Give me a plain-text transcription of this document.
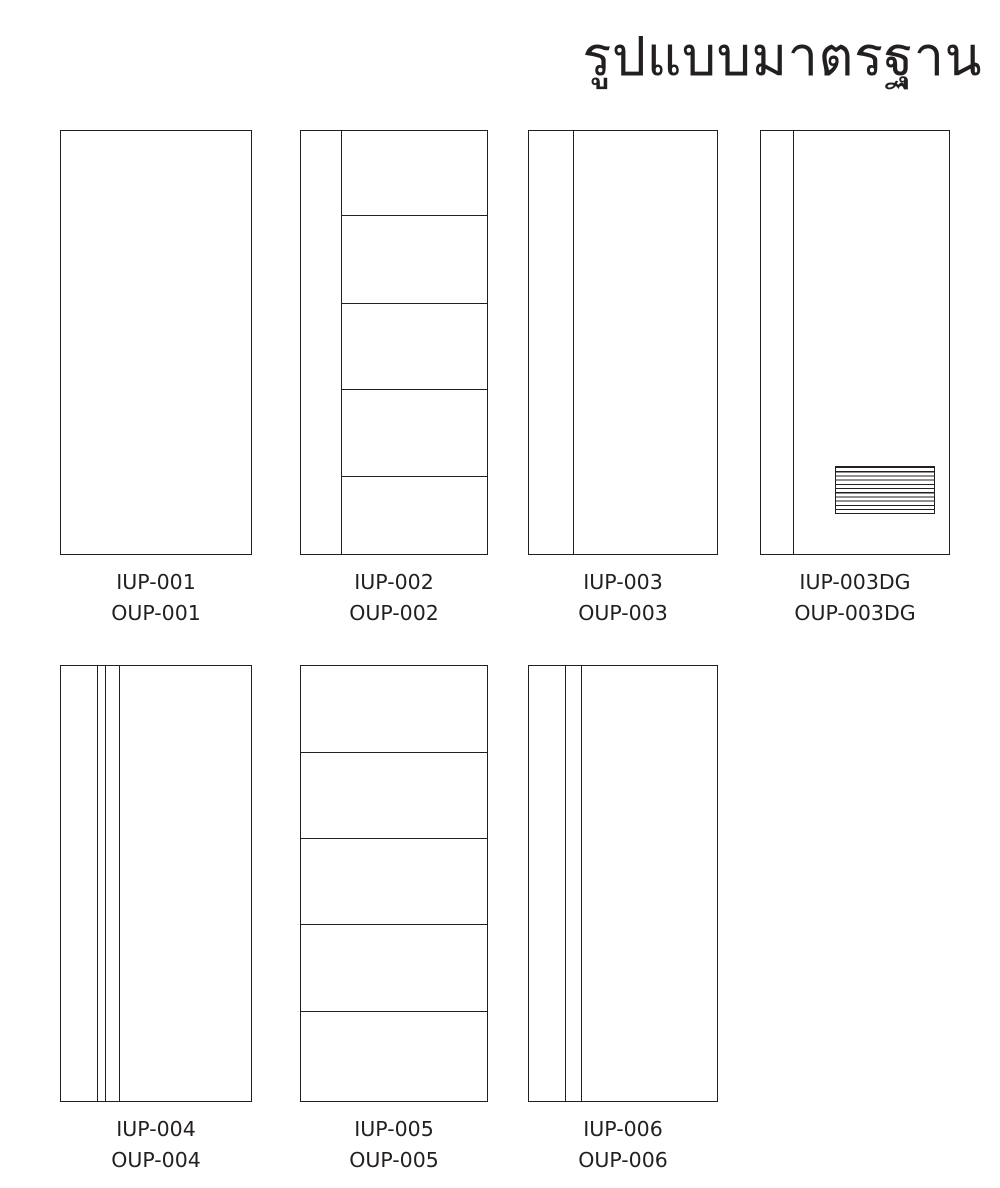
รูปแบบมาตรฐาน
IUP-001
OUP-001
IUP-002
OUP-002
IUP-003
OUP-003
IUP-003DG
OUP-003DG
IUP-004
OUP-004
IUP-005
OUP-005
IUP-006
OUP-006
